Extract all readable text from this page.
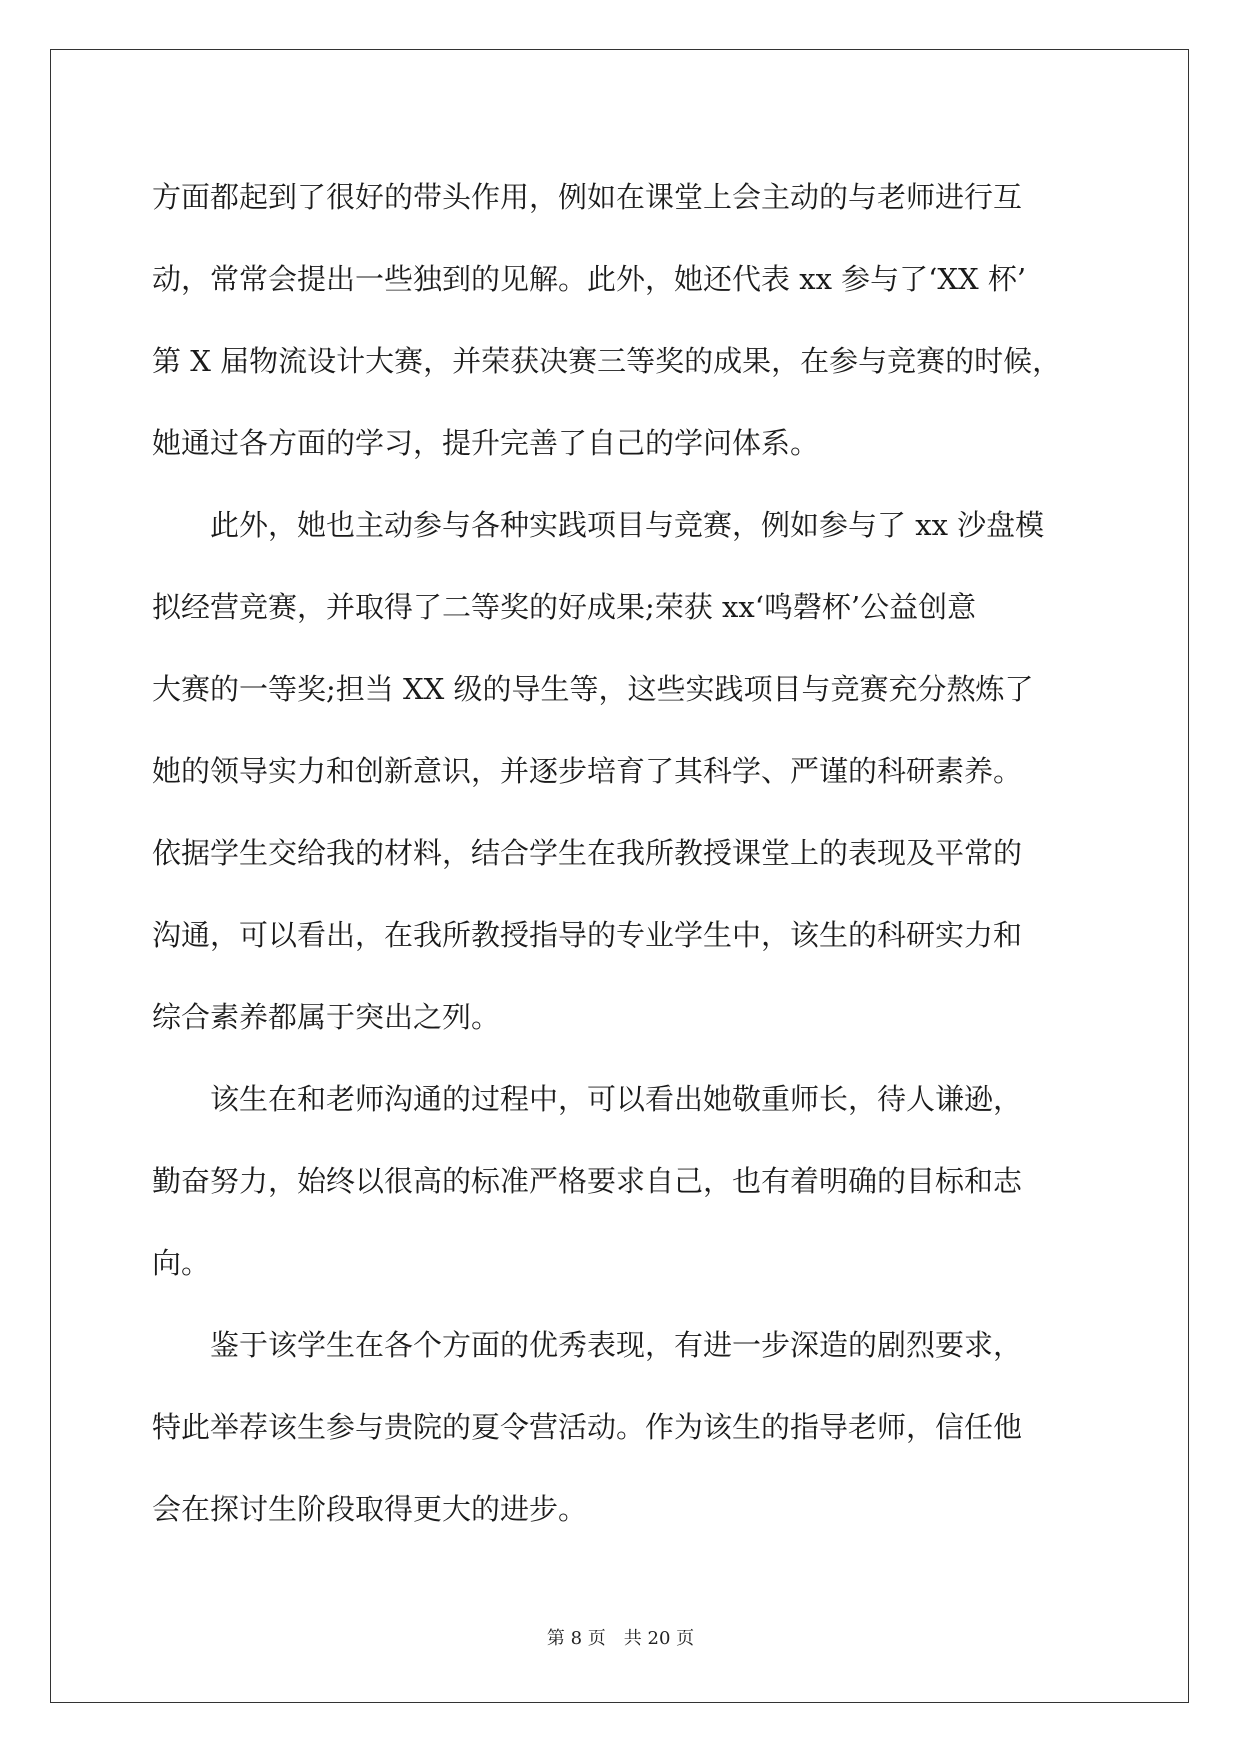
方面都起到了很好的带头作用，例如在课堂上会主动的与老师进行互
动，常常会提出一些独到的见解。此外，她还代表 xx 参与了‘XX 杯’
第 X 届物流设计大赛，并荣获决赛三等奖的成果，在参与竞赛的时候，
她通过各方面的学习，提升完善了自己的学问体系。
　　此外，她也主动参与各种实践项目与竞赛，例如参与了 xx 沙盘模
拟经营竞赛，并取得了二等奖的好成果;荣获 xx‘鸣磬杯’公益创意
大赛的一等奖;担当 XX 级的导生等，这些实践项目与竞赛充分熬炼了
她的领导实力和创新意识，并逐步培育了其科学、严谨的科研素养。
依据学生交给我的材料，结合学生在我所教授课堂上的表现及平常的
沟通，可以看出，在我所教授指导的专业学生中，该生的科研实力和
综合素养都属于突出之列。
　　该生在和老师沟通的过程中，可以看出她敬重师长，待人谦逊，
勤奋努力，始终以很高的标准严格要求自己，也有着明确的目标和志
向。
　　鉴于该学生在各个方面的优秀表现，有进一步深造的剧烈要求，
特此举荐该生参与贵院的夏令营活动。作为该生的指导老师，信任他
会在探讨生阶段取得更大的进步。
第 8 页　共 20 页
